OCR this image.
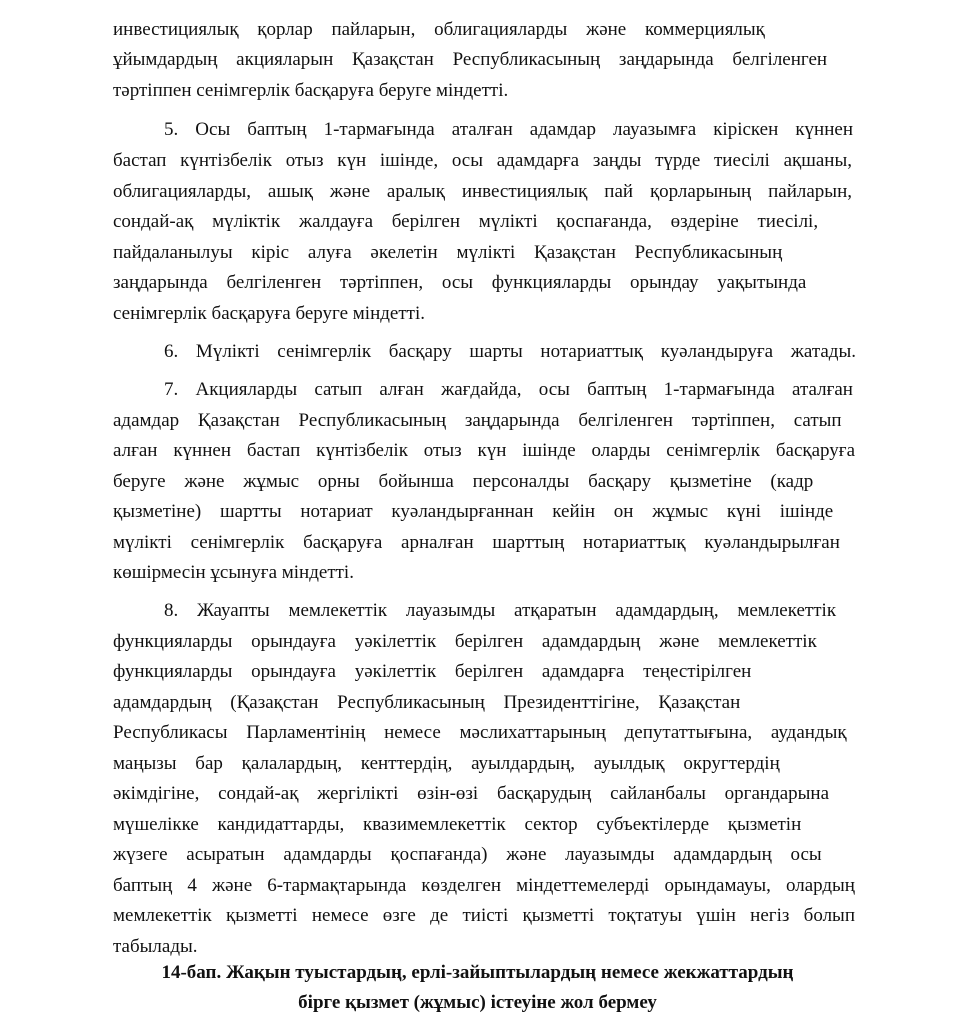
инвестициялық қорлар пайларын, облигацияларды және коммерциялық
ұйымдардың акцияларын Қазақстан Республикасының заңдарында белгіленген
тәртіппен сенімгерлік басқаруға беруге міндетті.
5. Осы баптың 1-тармағында аталған адамдар лауазымға кірiскен күннен
бастап күнтізбелік отыз күн ішінде, осы адамдарға заңды түрде тиесілі ақшаны,
облигацияларды, ашық және аралық инвестициялық пай қорларының пайларын,
сондай-ақ мүліктік жалдауға берілген мүлікті қоспағанда, өздеріне тиесілі,
пайдаланылуы кiрiс алуға әкелетін мүлікті Қазақстан Республикасының
заңдарында белгіленген тәртіппен, осы функцияларды орындау уақытында
сенімгерлік басқаруға беруге міндетті.
6. Мүлікті сенімгерлік басқару шарты нотариаттық куәландыруға жатады.
7. Акцияларды сатып алған жағдайда, осы баптың 1-тармағында аталған
адамдар Қазақстан Республикасының заңдарында белгіленген тәртіппен, сатып
алған күннен бастап күнтізбелік отыз күн ішінде оларды сенімгерлік басқаруға
беруге және жұмыс орны бойынша персоналды басқару қызметіне (кадр
қызметіне) шартты нотариат куәландырғаннан кейін он жұмыс күні ішінде
мүлікті сенімгерлік басқаруға арналған шарттың нотариаттық куәландырылған
көшірмесін ұсынуға міндетті.
8. Жауапты мемлекеттік лауазымды атқаратын адамдардың, мемлекеттік
функцияларды орындауға уәкілеттік берілген адамдардың және мемлекеттік
функцияларды орындауға уәкілеттік берілген адамдарға теңестірілген
адамдардың (Қазақстан Республикасының Президенттігіне, Қазақстан
Республикасы Парламентінің немесе мәслихаттарының депутаттығына, аудандық
маңызы бар қалалардың, кенттердің, ауылдардың, ауылдық округтердің
әкімдігіне, сондай-ақ жергілікті өзін-өзі басқарудың сайланбалы органдарына
мүшелікке кандидаттарды, квазимемлекеттік сектор субъектілерде қызметін
жүзеге асыратын адамдарды қоспағанда) және лауазымды адамдардың осы
баптың 4 және 6-тармақтарында көзделген міндеттемелерді орындамауы, олардың
мемлекеттік қызметті немесе өзге де тиісті қызметті тоқтатуы үшін негіз болып
табылады.
14-бап. Жақын туыстардың, ерлі-зайыптылардың немесе жекжаттардың
бірге қызмет (жұмыс) істеуіне жол бермеу
